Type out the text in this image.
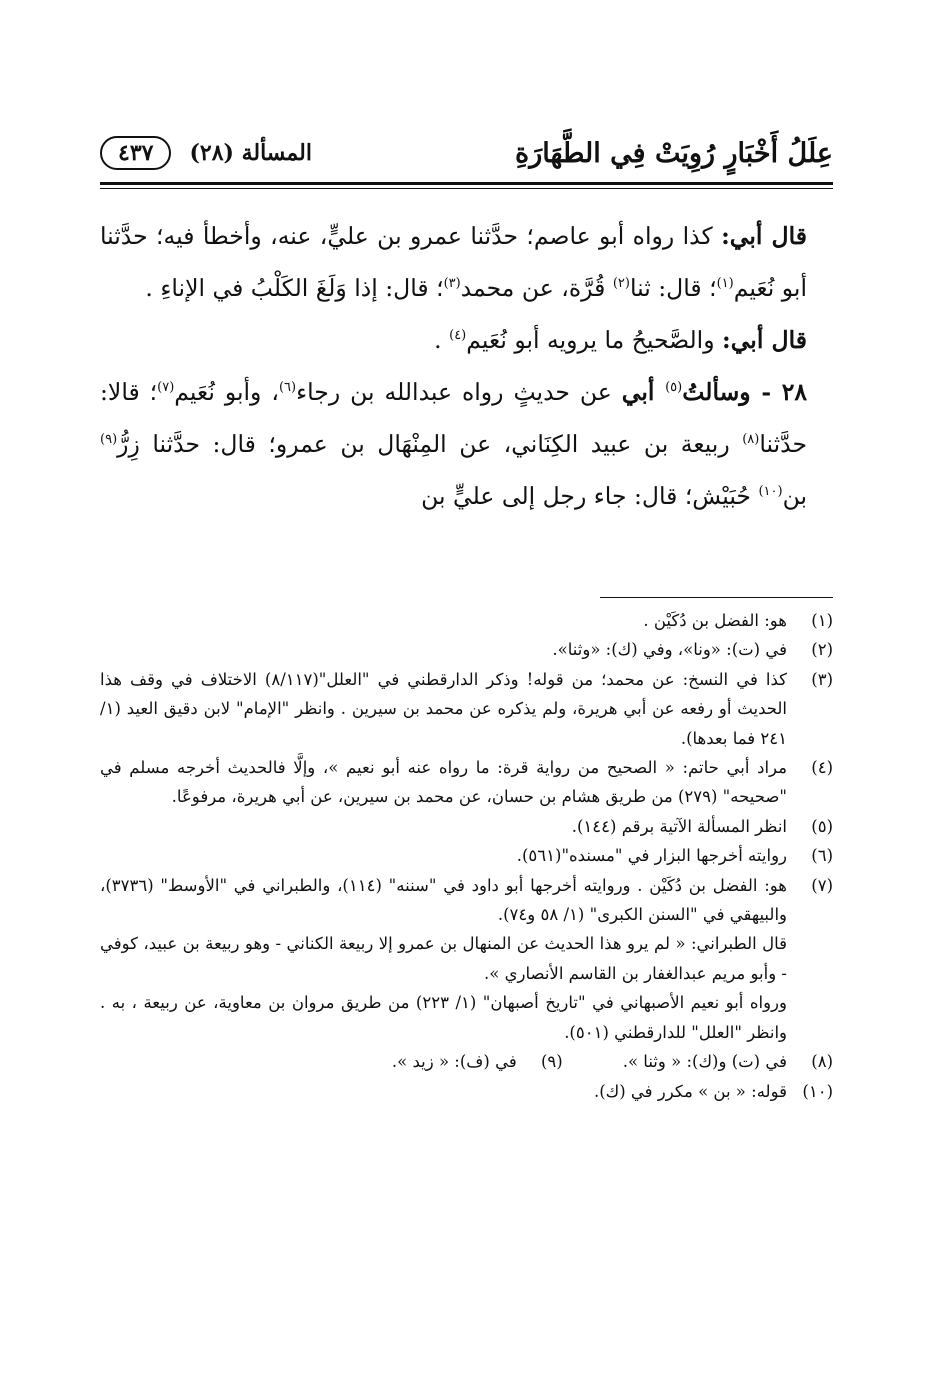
عِلَلُ أَخْبَارٍ رُوِيَتْ فِي الطَّهَارَةِ
المسألة (٢٨)
٤٣٧

قال أبي: كذا رواه أبو عاصم؛ حدَّثنا عمرو بن عليٍّ، عنه، وأخطأ فيه؛ حدَّثنا أبو نُعَيم$^{(١)}$؛ قال: ثنا$^{(٢)}$ قُرَّة، عن محمد$^{(٣)}$؛ قال: إذا وَلَغَ الكَلْبُ في الإناءِ .

قال أبي: والصَّحيحُ ما يرويه أبو نُعَيم$^{(٤)}$ .

٢٨ - وسألتُ$^{(٥)}$ أبي عن حديثٍ رواه عبدالله بن رجاء$^{(٦)}$، وأبو نُعَيم$^{(٧)}$؛ قالا: حدَّثنا$^{(٨)}$ ربيعة بن عبيد الكِنَاني، عن المِنْهَال بن عمرو؛ قال: حدَّثنا زِرُّ$^{(٩)}$ بن$^{(١٠)}$ حُبَيْش؛ قال: جاء رجل إلى عليٍّ بن

(١)
هو: الفضل بن دُكَيْن .
(٢)
في (ت): «ونا»، وفي (ك): «وثنا».
(٣)
كذا في النسخ: عن محمد؛ من قوله! وذكر الدارقطني في "العلل"(٨/١١٧) الاختلاف في وقف هذا الحديث أو رفعه عن أبي هريرة، ولم يذكره عن محمد بن سيرين . وانظر "الإمام" لابن دقيق العيد (١/ ٢٤١ فما بعدها).
(٤)
مراد أبي حاتم: « الصحيح من رواية قرة: ما رواه عنه أبو نعيم »، وإلَّا فالحديث أخرجه مسلم في "صحيحه" (٢٧٩) من طريق هشام بن حسان، عن محمد بن سيرين، عن أبي هريرة، مرفوعًا.
(٥)
انظر المسألة الآتية برقم (١٤٤).
(٦)
روايته أخرجها البزار في "مسنده"(٥٦١).
(٧)
هو: الفضل بن دُكَيْن . وروايته أخرجها أبو داود في "سننه" (١١٤)، والطبراني في "الأوسط" (٣٧٣٦)، والبيهقي في "السنن الكبرى" (١/ ٥٨ و٧٤).
قال الطبراني: « لم يرو هذا الحديث عن المنهال بن عمرو إلا ربيعة الكناني - وهو ربيعة بن عبيد، كوفي - وأبو مريم عبدالغفار بن القاسم الأنصاري ».
ورواه أبو نعيم الأصبهاني في "تاريخ أصبهان" (١/ ٢٢٣) من طريق مروان بن معاوية، عن ربيعة ، به . وانظر "العلل" للدارقطني (٥٠١).
(٨)
في (ت) و(ك): « وثنا ».
(٩)
في (ف): « زيد ».
(١٠)
قوله: « بن » مكرر في (ك).
